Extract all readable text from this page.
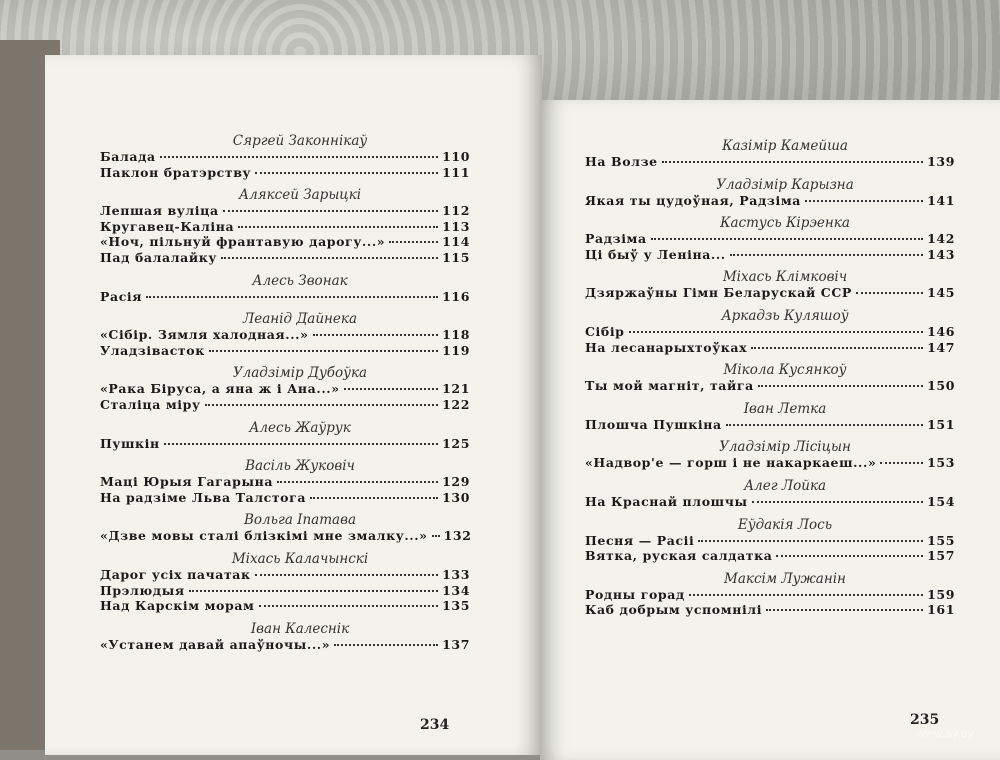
Сяргей Законнікаў
Балада	110
Паклон братэрству	111
Аляксей Зарыцкі
Лепшая вуліца	112
Кругавец-Каліна	113
«Ноч, пільнуй франтавую дарогу...»	114
Пад балалайку	115
Алесь Звонак
Расія	116
Леанід Дайнека
«Сібір. Зямля халодная...»	118
Уладзівасток	119
Уладзімір Дубоўка
«Рака Біруса, а яна ж і Ана...»	121
Сталіца міру	122
Алесь Жаўрук
Пушкін	125
Васіль Жуковіч
Маці Юрыя Гагарына	129
На радзіме Льва Талстога	130
Вольга Іпатава
«Дзве мовы сталі блізкімі мне змалку...» 132
Міхась Калачынскі
Дарог усіх пачатак	133
Прэлюдыя	134
Над Карскім морам	135
Іван Калеснік
«Устанем давай апаўночы...»	137
234
Казімір Камейша
На Волзе	139
Уладзімір Карызна
Якая ты цудоўная, Радзіма	141
Кастусь Кірэенка
Радзіма	142
Ці быў у Леніна...	143
Міхась Клімковіч
Дзяржаўны Гімн Беларускай ССР	145
Аркадзь Куляшоў
Сібір	146
На лесанарыхтоўках	147
Мікола Кусянкоў
Ты мой магніт, тайга	150
Іван Летка
Плошча Пушкіна	151
Уладзімір Лісіцын
«Надвор'е — горш і не накаркаеш...»	153
Алег Лойка
На Краснай плошчы	154
Еўдакія Лось
Песня — Расіі	155
Вятка, руская салдатка	157
Максім Лужанін
Родны горад	159
Каб добрым успомнілі	161
235
www.ay.by
